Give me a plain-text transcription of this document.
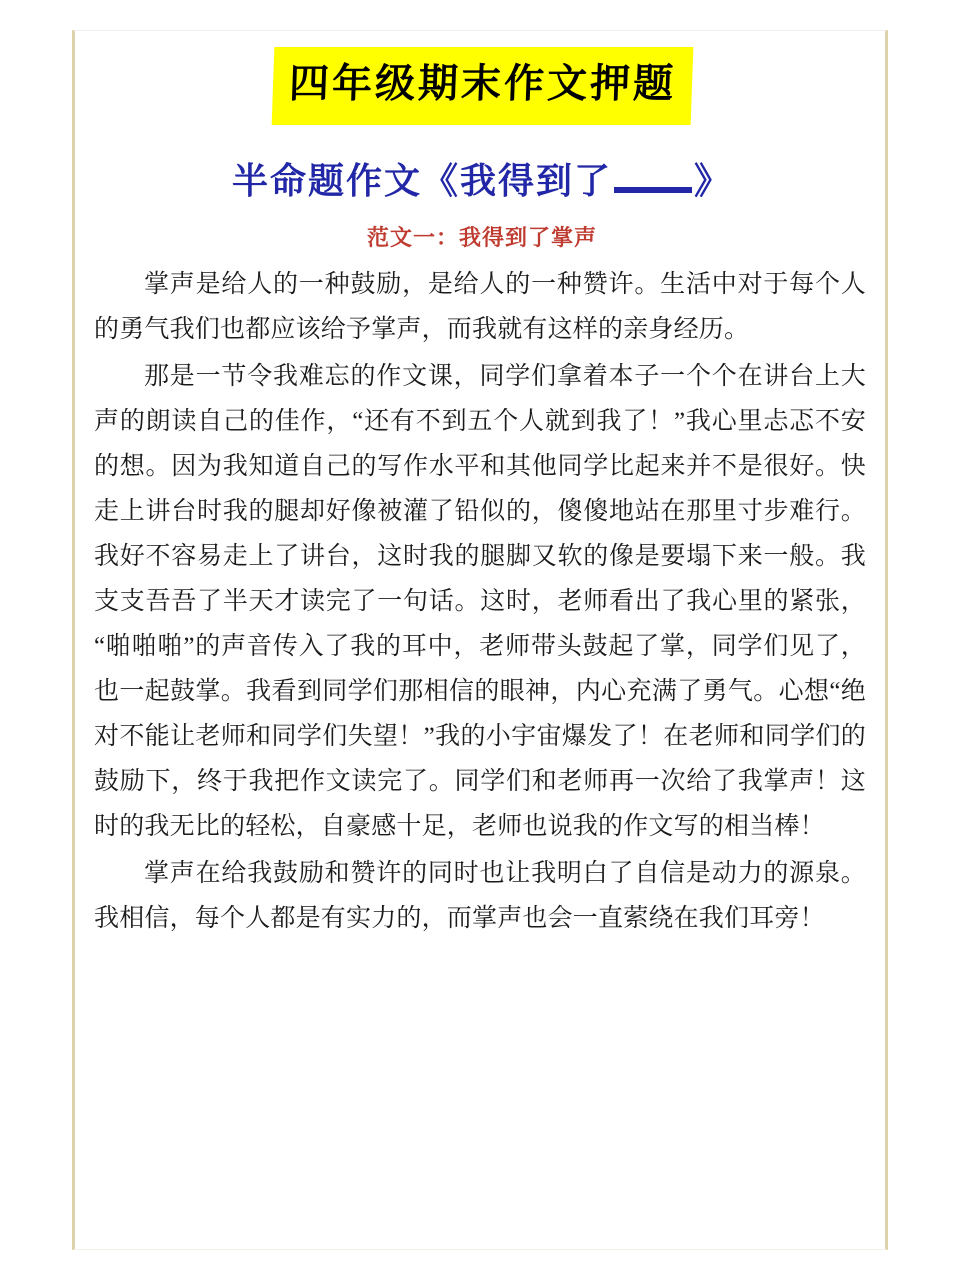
四年级期末作文押题
半命题作文《我得到了 》
范文一：我得到了掌声

掌声是给人的一种鼓励，是给人的一种赞许。生活中对于每个人的勇气我们也都应该给予掌声，而我就有这样的亲身经历。

那是一节令我难忘的作文课，同学们拿着本子一个个在讲台上大声的朗读自己的佳作，“还有不到五个人就到我了！”我心里忐忑不安的想。因为我知道自己的写作水平和其他同学比起来并不是很好。快走上讲台时我的腿却好像被灌了铅似的，傻傻地站在那里寸步难行。我好不容易走上了讲台，这时我的腿脚又软的像是要塌下来一般。我支支吾吾了半天才读完了一句话。这时，老师看出了我心里的紧张，“啪啪啪”的声音传入了我的耳中，老师带头鼓起了掌，同学们见了，也一起鼓掌。我看到同学们那相信的眼神，内心充满了勇气。心想“绝对不能让老师和同学们失望！”我的小宇宙爆发了！在老师和同学们的鼓励下，终于我把作文读完了。同学们和老师再一次给了我掌声！这时的我无比的轻松，自豪感十足，老师也说我的作文写的相当棒！

掌声在给我鼓励和赞许的同时也让我明白了自信是动力的源泉。我相信，每个人都是有实力的，而掌声也会一直萦绕在我们耳旁！
